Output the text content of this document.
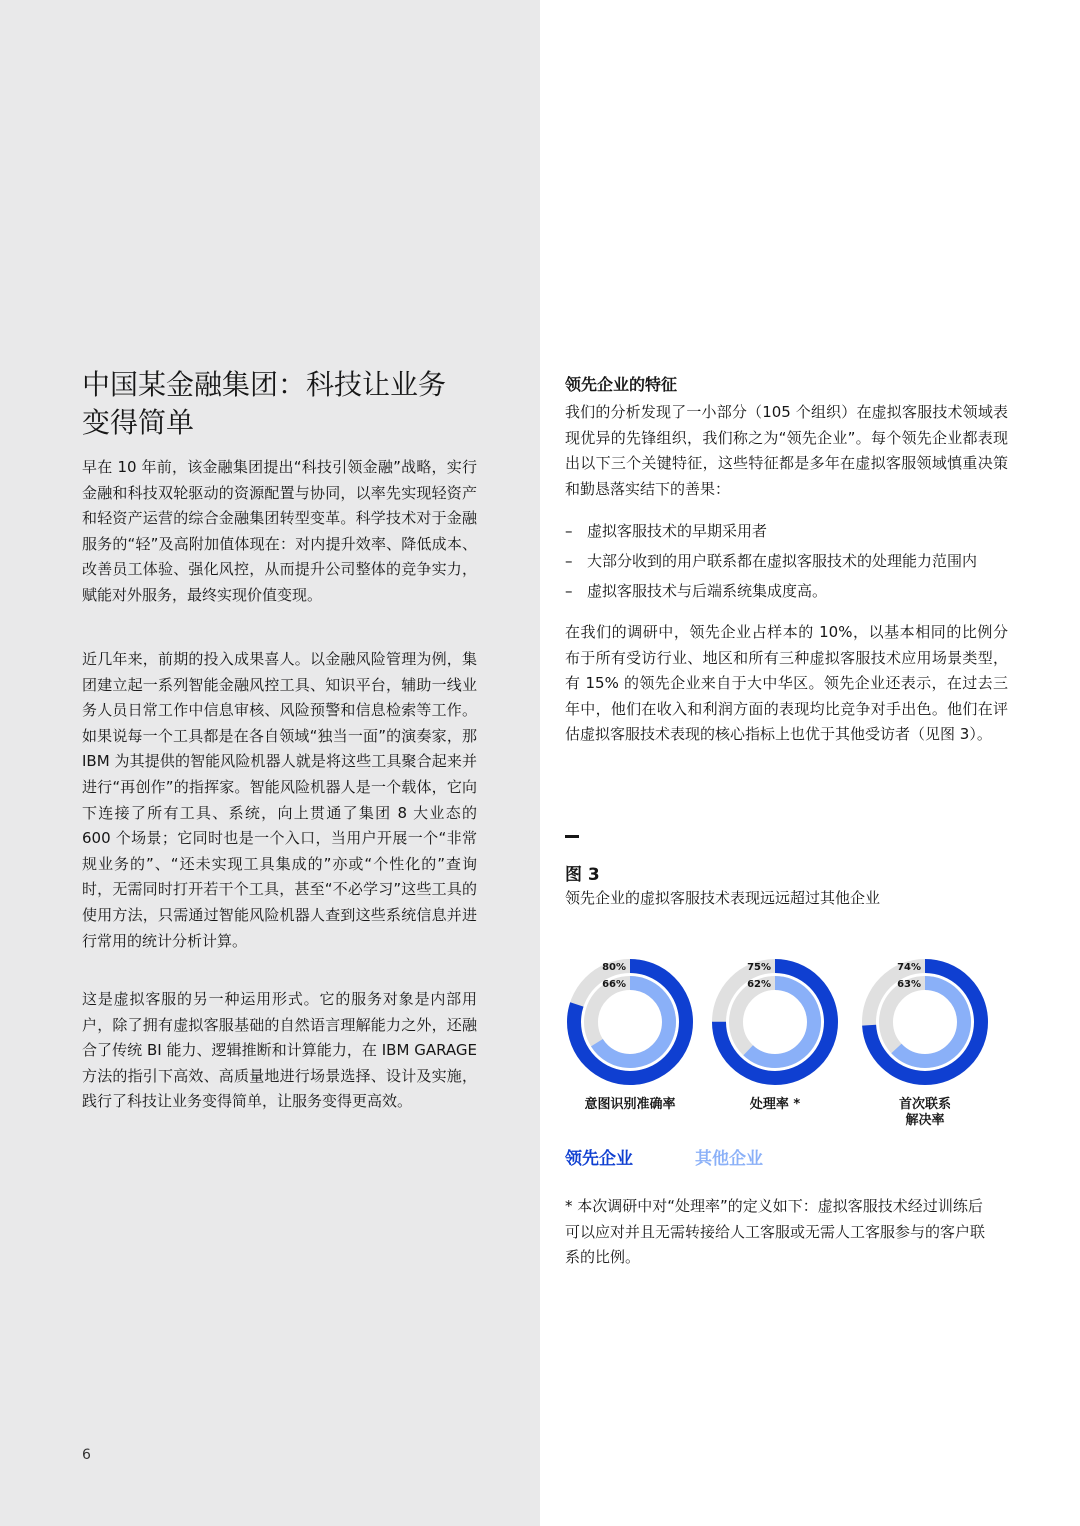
中国某金融集团：科技让业务
变得简单

早在 10 年前，该金融集团提出“科技引领金融”战略，实行金融和科技双轮驱动的资源配置与协同，以率先实现轻资产和轻资产运营的综合金融集团转型变革。科学技术对于金融服务的“轻”及高附加值体现在：对内提升效率、降低成本、改善员工体验、强化风控，从而提升公司整体的竞争实力，赋能对外服务，最终实现价值变现。

近几年来，前期的投入成果喜人。以金融风险管理为例，集团建立起一系列智能金融风控工具、知识平台，辅助一线业务人员日常工作中信息审核、风险预警和信息检索等工作。如果说每一个工具都是在各自领域“独当一面”的演奏家，那 IBM 为其提供的智能风险机器人就是将这些工具聚合起来并进行“再创作”的指挥家。智能风险机器人是一个载体，它向下连接了所有工具、系统，向上贯通了集团 8 大业态的 600 个场景；它同时也是一个入口，当用户开展一个“非常规业务的”、“还未实现工具集成的”亦或“个性化的”查询时，无需同时打开若干个工具，甚至“不必学习”这些工具的使用方法，只需通过智能风险机器人查到这些系统信息并进行常用的统计分析计算。

这是虚拟客服的另一种运用形式。它的服务对象是内部用户，除了拥有虚拟客服基础的自然语言理解能力之外，还融合了传统 BI 能力、逻辑推断和计算能力，在 IBM GARAGE 方法的指引下高效、高质量地进行场景选择、设计及实施，践行了科技让业务变得简单，让服务变得更高效。

6
领先企业的特征

我们的分析发现了一小部分（105 个组织）在虚拟客服技术领域表现优异的先锋组织，我们称之为“领先企业”。每个领先企业都表现出以下三个关键特征，这些特征都是多年在虚拟客服领域慎重决策和勤恳落实结下的善果：

– 虚拟客服技术的早期采用者
– 大部分收到的用户联系都在虚拟客服技术的处理能力范围内
– 虚拟客服技术与后端系统集成度高。

在我们的调研中，领先企业占样本的 10%，以基本相同的比例分布于所有受访行业、地区和所有三种虚拟客服技术应用场景类型，有 15% 的领先企业来自于大中华区。领先企业还表示，在过去三年中，他们在收入和利润方面的表现均比竞争对手出色。他们在评估虚拟客服技术表现的核心指标上也优于其他受访者（见图 3）。

图 3
领先企业的虚拟客服技术表现远远超过其他企业
80%
66%
意图识别准确率
75%
62%
处理率 *
74%
63%
首次联系
解决率
领先企业	其他企业

* 本次调研中对“处理率”的定义如下：虚拟客服技术经过训练后可以应对并且无需转接给人工客服或无需人工客服参与的客户联系的比例。
